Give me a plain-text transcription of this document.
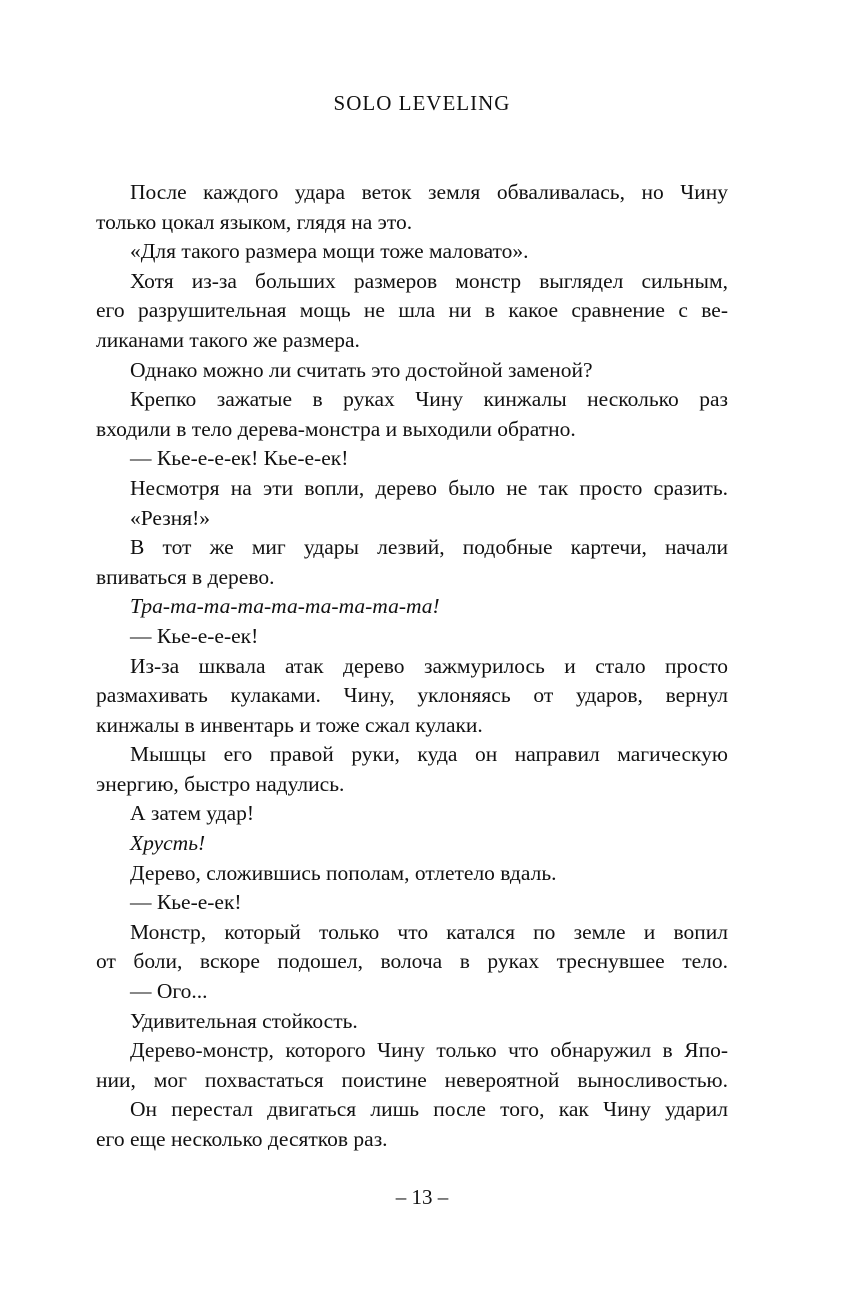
SOLO LEVELING
После каждого удара веток земля обваливалась, но Чину
только цокал языком, глядя на это.
«Для такого размера мощи тоже маловато».
Хотя из-за больших размеров монстр выглядел сильным,
его разрушительная мощь не шла ни в какое сравнение с ве-
ликанами такого же размера.
Однако можно ли считать это достойной заменой?
Крепко зажатые в руках Чину кинжалы несколько раз
входили в тело дерева-монстра и выходили обратно.
— Кье-е-е-ек! Кье-е-ек!
Несмотря на эти вопли, дерево было не так просто сразить.
«Резня!»
В тот же миг удары лезвий, подобные картечи, начали
впиваться в дерево.
Тра-та-та-та-та-та-та-та-та!
— Кье-е-е-ек!
Из-за шквала атак дерево зажмурилось и стало просто
размахивать кулаками. Чину, уклоняясь от ударов, вернул
кинжалы в инвентарь и тоже сжал кулаки.
Мышцы его правой руки, куда он направил магическую
энергию, быстро надулись.
А затем удар!
Хрусть!
Дерево, сложившись пополам, отлетело вдаль.
— Кье-е-ек!
Монстр, который только что катался по земле и вопил
от боли, вскоре подошел, волоча в руках треснувшее тело.
— Ого...
Удивительная стойкость.
Дерево-монстр, которого Чину только что обнаружил в Япо-
нии, мог похвастаться поистине невероятной выносливостью.
Он перестал двигаться лишь после того, как Чину ударил
его еще несколько десятков раз.
– 13 –
